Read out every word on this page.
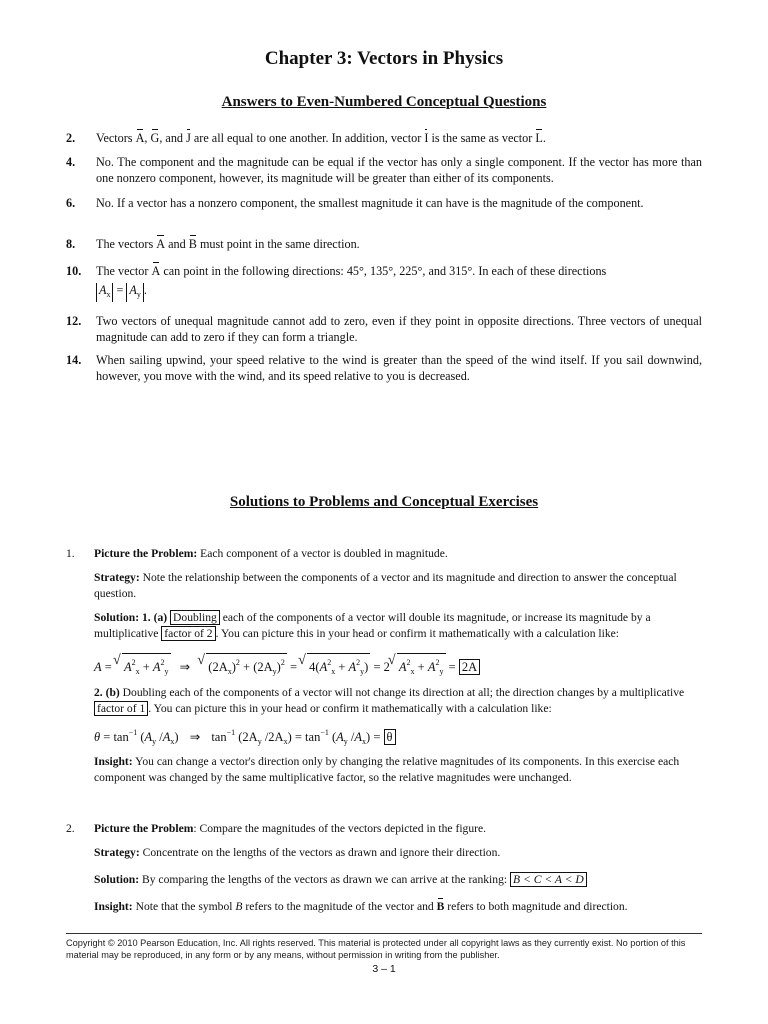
Chapter 3: Vectors in Physics
Answers to Even-Numbered Conceptual Questions
2. Vectors A, G, and J are all equal to one another. In addition, vector I is the same as vector L.
4. No. The component and the magnitude can be equal if the vector has only a single component. If the vector has more than one nonzero component, however, its magnitude will be greater than either of its components.
6. No. If a vector has a nonzero component, the smallest magnitude it can have is the magnitude of the component.
8. The vectors A and B must point in the same direction.
10. The vector A can point in the following directions: 45°, 135°, 225°, and 315°. In each of these directions
$A_x = A_y$ .
12. Two vectors of unequal magnitude cannot add to zero, even if they point in opposite directions. Three vectors of unequal magnitude can add to zero if they can form a triangle.
14. When sailing upwind, your speed relative to the wind is greater than the speed of the wind itself. If you sail downwind, however, you move with the wind, and its speed relative to you is decreased.
Solutions to Problems and Conceptual Exercises
1. Picture the Problem: Each component of a vector is doubled in magnitude.
Strategy: Note the relationship between the components of a vector and its magnitude and direction to answer the conceptual question.
Solution: 1. (a) Doubling each of the components of a vector will double its magnitude, or increase its magnitude by a multiplicative factor of 2 . You can picture this in your head or confirm it mathematically with a calculation like:
A = √ $A^2_x + A^2_y$ ⇒ √ $(2A_x)^2 + (2A_y)^2$ = √ $4(A^2_x + A^2_y) = 2$ √ $A^2_x + A^2_y = 2A$
2. (b) Doubling each of the components of a vector will not change its direction at all; the direction changes by a multiplicative factor of 1 . You can picture this in your head or confirm it mathematically with a calculation like:
$\theta = \tan^{-1} (A_y$ $/A_x$) ⇒ $\tan^{-1} (2A_y$ $/2A_x) = \tan^{-1} (A_y$ $/A_x) = \theta$
Insight: You can change a vector's direction only by changing the relative magnitudes of its components. In this exercise each component was changed by the same multiplicative factor, so the relative magnitudes were unchanged.
2. Picture the Problem: Compare the magnitudes of the vectors depicted in the figure.
Strategy: Concentrate on the lengths of the vectors as drawn and ignore their direction.
Solution: By comparing the lengths of the vectors as drawn we can arrive at the ranking: B < C < A < D
Insight: Note that the symbol B refers to the magnitude of the vector and B refers to both magnitude and direction.
Copyright © 2010 Pearson Education, Inc. All rights reserved. This material is protected under all copyright laws as they currently exist. No portion of this material may be reproduced, in any form or by any means, without permission in writing from the publisher.
3 – 1
